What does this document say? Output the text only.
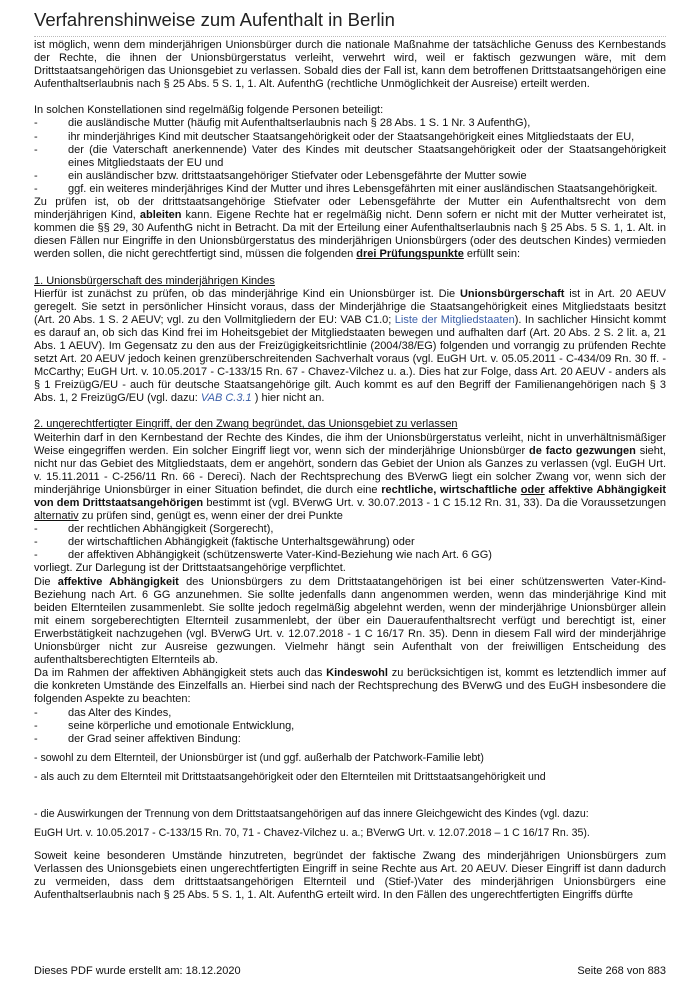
Verfahrenshinweise zum Aufenthalt in Berlin

ist möglich, wenn dem minderjährigen Unionsbürger durch die nationale Maßnahme der tatsächliche Genuss des Kernbestands der Rechte, die ihnen der Unionsbürgerstatus verleiht, verwehrt wird, weil er faktisch gezwungen wäre, mit dem Drittstaatsangehörigen das Unionsgebiet zu verlassen. Sobald dies der Fall ist, kann dem betroffenen Drittstaatsangehörigen eine Aufenthaltserlaubnis nach § 25 Abs. 5 S. 1, 1. Alt. AufenthG (rechtliche Unmöglichkeit der Ausreise) erteilt werden.

In solchen Konstellationen sind regelmäßig folgende Personen beteiligt:

-	die ausländische Mutter (häufig mit Aufenthaltserlaubnis nach § 28 Abs. 1 S. 1 Nr. 3 AufenthG),
-	ihr minderjähriges Kind mit deutscher Staatsangehörigkeit oder der Staatsangehörigkeit eines Mitgliedstaats der EU,
-	der (die Vaterschaft anerkennende) Vater des Kindes mit deutscher Staatsangehörigkeit oder der Staatsangehörigkeit eines Mitgliedstaats der EU und
-	ein ausländischer bzw. drittstaatsangehöriger Stiefvater oder Lebensgefährte der Mutter sowie
-	ggf. ein weiteres minderjähriges Kind der Mutter und ihres Lebensgefährten mit einer ausländischen Staatsangehörigkeit.

Zu prüfen ist, ob der drittstaatsangehörige Stiefvater oder Lebensgefährte der Mutter ein Aufenthaltsrecht von dem minderjährigen Kind, ableiten kann. Eigene Rechte hat er regelmäßig nicht. Denn sofern er nicht mit der Mutter verheiratet ist, kommen die §§ 29, 30 AufenthG nicht in Betracht. Da mit der Erteilung einer Aufenthaltserlaubnis nach § 25 Abs. 5 S. 1, 1. Alt. in diesen Fällen nur Eingriffe in den Unionsbürgerstatus des minderjährigen Unionsbürgers (oder des deutschen Kindes) vermieden werden sollen, die nicht gerechtfertigt sind, müssen die folgenden drei Prüfungspunkte erfüllt sein:

1. Unionsbürgerschaft des minderjährigen Kindes

Hierfür ist zunächst zu prüfen, ob das minderjährige Kind ein Unionsbürger ist. Die Unionsbürgerschaft ist in Art. 20 AEUV geregelt. Sie setzt in persönlicher Hinsicht voraus, dass der Minderjährige die Staatsangehörigkeit eines Mitgliedstaats besitzt (Art. 20 Abs. 1 S. 2 AEUV; vgl. zu den Vollmitgliedern der EU: VAB C1.0; Liste der Mitgliedstaaten). In sachlicher Hinsicht kommt es darauf an, ob sich das Kind frei im Hoheitsgebiet der Mitgliedstaaten bewegen und aufhalten darf (Art. 20 Abs. 2 S. 2 lit. a, 21 Abs. 1 AEUV). Im Gegensatz zu den aus der Freizügigkeitsrichtlinie (2004/38/EG) folgenden und vorrangig zu prüfenden Rechte setzt Art. 20 AEUV jedoch keinen grenzüberschreitenden Sachverhalt voraus (vgl. EuGH Urt. v. 05.05.2011 - C-434/09 Rn. 30 ff. - McCarthy; EuGH Urt. v. 10.05.2017 - C-133/15 Rn. 67 - Chavez-Vilchez u. a.). Dies hat zur Folge, dass Art. 20 AEUV - anders als § 1 FreizügG/EU - auch für deutsche Staatsangehörige gilt. Auch kommt es auf den Begriff der Familienangehörigen nach § 3 Abs. 1, 2 FreizügG/EU (vgl. dazu: VAB C.3.1 ) hier nicht an.

2. ungerechtfertigter Eingriff, der den Zwang begründet, das Unionsgebiet zu verlassen

Weiterhin darf in den Kernbestand der Rechte des Kindes, die ihm der Unionsbürgerstatus verleiht, nicht in unverhältnismäßiger Weise eingegriffen werden. Ein solcher Eingriff liegt vor, wenn sich der minderjährige Unionsbürger de facto gezwungen sieht, nicht nur das Gebiet des Mitgliedstaats, dem er angehört, sondern das Gebiet der Union als Ganzes zu verlassen (vgl. EuGH Urt. v. 15.11.2011 - C-256/11 Rn. 66 - Dereci). Nach der Rechtsprechung des BVerwG liegt ein solcher Zwang vor, wenn sich der minderjährige Unionsbürger in einer Situation befindet, die durch eine rechtliche, wirtschaftliche oder affektive Abhängigkeit von dem Drittstaatsangehörigen bestimmt ist (vgl. BVerwG Urt. v. 30.07.2013 - 1 C 15.12 Rn. 31, 33). Da die Voraussetzungen alternativ zu prüfen sind, genügt es, wenn einer der drei Punkte

-	der rechtlichen Abhängigkeit (Sorgerecht),
-	der wirtschaftlichen Abhängigkeit (faktische Unterhaltsgewährung) oder
-	der affektiven Abhängigkeit (schützenswerte Vater-Kind-Beziehung wie nach Art. 6 GG)

vorliegt. Zur Darlegung ist der Drittstaatsangehörige verpflichtet.

Die affektive Abhängigkeit des Unionsbürgers zu dem Drittstaatangehörigen ist bei einer schützenswerten Vater-Kind-Beziehung nach Art. 6 GG anzunehmen. Sie sollte jedenfalls dann angenommen werden, wenn das minderjährige Kind mit beiden Elternteilen zusammenlebt. Sie sollte jedoch regelmäßig abgelehnt werden, wenn der minderjährige Unionsbürger allein mit einem sorgeberechtigten Elternteil zusammenlebt, der über ein Daueraufenthaltsrecht verfügt und berechtigt ist, einer Erwerbstätigkeit nachzugehen (vgl. BVerwG Urt. v. 12.07.2018 - 1 C 16/17 Rn. 35). Denn in diesem Fall wird der minderjährige Unionsbürger nicht zur Ausreise gezwungen. Vielmehr hängt sein Aufenthalt von der freiwilligen Entscheidung des aufenthaltsberechtigten Elternteils ab.

Da im Rahmen der affektiven Abhängigkeit stets auch das Kindeswohl zu berücksichtigen ist, kommt es letztendlich immer auf die konkreten Umstände des Einzelfalls an. Hierbei sind nach der Rechtsprechung des BVerwG und des EuGH insbesondere die folgenden Aspekte zu beachten:

-	das Alter des Kindes,
-	seine körperliche und emotionale Entwicklung,
-	der Grad seiner affektiven Bindung:

- sowohl zu dem Elternteil, der Unionsbürger ist (und ggf. außerhalb der Patchwork-Familie lebt)

- als auch zu dem Elternteil mit Drittstaatsangehörigkeit oder den Elternteilen mit Drittstaatsangehörigkeit und

- die Auswirkungen der Trennung von dem Drittstaatsangehörigen auf das innere Gleichgewicht des Kindes (vgl. dazu:

EuGH Urt. v. 10.05.2017 - C-133/15 Rn. 70, 71 - Chavez-Vilchez u. a.; BVerwG Urt. v. 12.07.2018 – 1 C 16/17 Rn. 35).

Soweit keine besonderen Umstände hinzutreten, begründet der faktische Zwang des minderjährigen Unionsbürgers zum Verlassen des Unionsgebiets einen ungerechtfertigten Eingriff in seine Rechte aus Art. 20 AEUV. Dieser Eingriff ist dann dadurch zu vermeiden, dass dem drittstaatsangehörigen Elternteil und (Stief-)Vater des minderjährigen Unionsbürgers eine Aufenthaltserlaubnis nach § 25 Abs. 5 S. 1, 1. Alt. AufenthG erteilt wird. In den Fällen des ungerechtfertigten Eingriffs dürfte

Dieses PDF wurde erstellt am: 18.12.2020	Seite 268 von 883
